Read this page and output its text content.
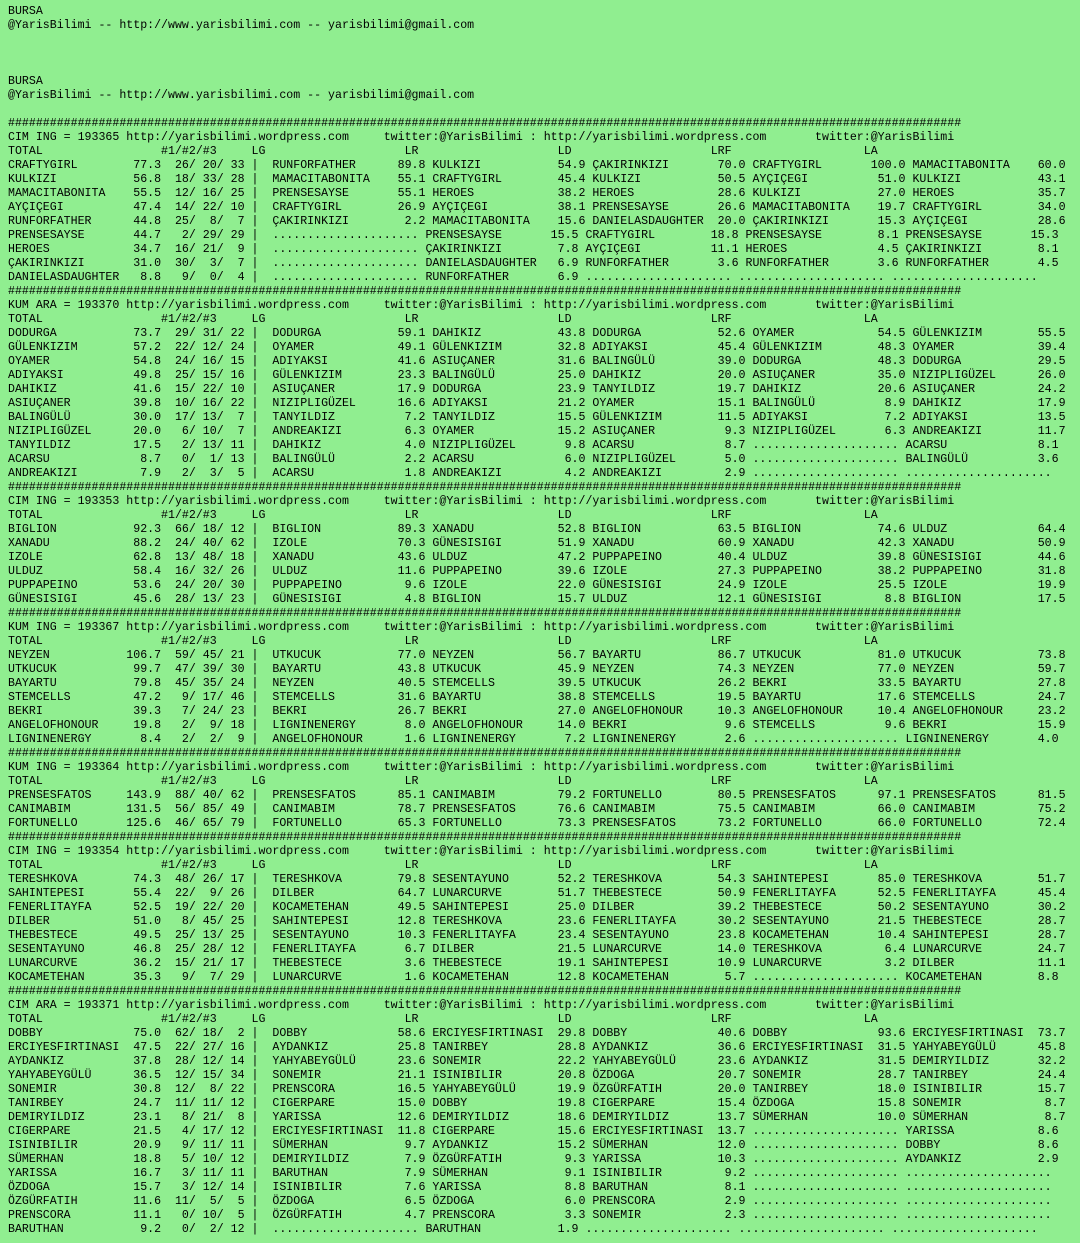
BURSA
@YarisBilimi -- http://www.yarisbilimi.com -- yarisbilimi@gmail.com
BURSA
@YarisBilimi -- http://www.yarisbilimi.com -- yarisbilimi@gmail.com
#########################################################################################################################################
CIM ING = 193365 http://yarisbilimi.wordpress.com     twitter:@YarisBilimi : http://yarisbilimi.wordpress.com       twitter:@YarisBilimi
TOTAL                 #1/#2/#3     LG                    LR                    LD                    LRF                   LA
CRAFTYGIRL        77.3  26/ 20/ 33 |  RUNFORFATHER      89.8 KULKIZI           54.9 ÇAKIRINKIZI       70.0 CRAFTYGIRL       100.0 MAMACITABONITA    60.0
KULKIZI           56.8  18/ 33/ 28 |  MAMACITABONITA    55.1 CRAFTYGIRL        45.4 KULKIZI           50.5 AYÇIÇEGI          51.0 KULKIZI           43.1
MAMACITABONITA    55.5  12/ 16/ 25 |  PRENSESAYSE       55.1 HEROES            38.2 HEROES            28.6 KULKIZI           27.0 HEROES            35.7
AYÇIÇEGI          47.4  14/ 22/ 10 |  CRAFTYGIRL        26.9 AYÇIÇEGI          38.1 PRENSESAYSE       26.6 MAMACITABONITA    19.7 CRAFTYGIRL        34.0
RUNFORFATHER      44.8  25/  8/  7 |  ÇAKIRINKIZI        2.2 MAMACITABONITA    15.6 DANIELASDAUGHTER  20.0 ÇAKIRINKIZI       15.3 AYÇIÇEGI          28.6
PRENSESAYSE       44.7   2/ 29/ 29 |  ..................... PRENSESAYSE       15.5 CRAFTYGIRL        18.8 PRENSESAYSE        8.1 PRENSESAYSE       15.3
HEROES            34.7  16/ 21/  9 |  ..................... ÇAKIRINKIZI        7.8 AYÇIÇEGI          11.1 HEROES             4.5 ÇAKIRINKIZI        8.1
ÇAKIRINKIZI       31.0  30/  3/  7 |  ..................... DANIELASDAUGHTER   6.9 RUNFORFATHER       3.6 RUNFORFATHER       3.6 RUNFORFATHER       4.5
DANIELASDAUGHTER   8.8   9/  0/  4 |  ..................... RUNFORFATHER       6.9 ..................... ..................... .....................
#########################################################################################################################################
KUM ARA = 193370 http://yarisbilimi.wordpress.com     twitter:@YarisBilimi : http://yarisbilimi.wordpress.com       twitter:@YarisBilimi
TOTAL                 #1/#2/#3     LG                    LR                    LD                    LRF                   LA
DODURGA           73.7  29/ 31/ 22 |  DODURGA           59.1 DAHIKIZ           43.8 DODURGA           52.6 OYAMER            54.5 GÜLENKIZIM        55.5
GÜLENKIZIM        57.2  22/ 12/ 24 |  OYAMER            49.1 GÜLENKIZIM        32.8 ADIYAKSI          45.4 GÜLENKIZIM        48.3 OYAMER            39.4
OYAMER            54.8  24/ 16/ 15 |  ADIYAKSI          41.6 ASIUÇANER         31.6 BALINGÜLÜ         39.0 DODURGA           48.3 DODURGA           29.5
ADIYAKSI          49.8  25/ 15/ 16 |  GÜLENKIZIM        23.3 BALINGÜLÜ         25.0 DAHIKIZ           20.0 ASIUÇANER         35.0 NIZIPLIGÜZEL      26.0
DAHIKIZ           41.6  15/ 22/ 10 |  ASIUÇANER         17.9 DODURGA           23.9 TANYILDIZ         19.7 DAHIKIZ           20.6 ASIUÇANER         24.2
ASIUÇANER         39.8  10/ 16/ 22 |  NIZIPLIGÜZEL      16.6 ADIYAKSI          21.2 OYAMER            15.1 BALINGÜLÜ          8.9 DAHIKIZ           17.9
BALINGÜLÜ         30.0  17/ 13/  7 |  TANYILDIZ          7.2 TANYILDIZ         15.5 GÜLENKIZIM        11.5 ADIYAKSI           7.2 ADIYAKSI          13.5
NIZIPLIGÜZEL      20.0   6/ 10/  7 |  ANDREAKIZI         6.3 OYAMER            15.2 ASIUÇANER          9.3 NIZIPLIGÜZEL       6.3 ANDREAKIZI        11.7
TANYILDIZ         17.5   2/ 13/ 11 |  DAHIKIZ            4.0 NIZIPLIGÜZEL       9.8 ACARSU             8.7 ..................... ACARSU             8.1
ACARSU             8.7   0/  1/ 13 |  BALINGÜLÜ          2.2 ACARSU             6.0 NIZIPLIGÜZEL       5.0 ..................... BALINGÜLÜ          3.6
ANDREAKIZI         7.9   2/  3/  5 |  ACARSU             1.8 ANDREAKIZI         4.2 ANDREAKIZI         2.9 ..................... .....................
#########################################################################################################################################
CIM ING = 193353 http://yarisbilimi.wordpress.com     twitter:@YarisBilimi : http://yarisbilimi.wordpress.com       twitter:@YarisBilimi
TOTAL                 #1/#2/#3     LG                    LR                    LD                    LRF                   LA
BIGLION           92.3  66/ 18/ 12 |  BIGLION           89.3 XANADU            52.8 BIGLION           63.5 BIGLION           74.6 ULDUZ             64.4
XANADU            88.2  24/ 40/ 62 |  IZOLE             70.3 GÜNESISIGI        51.9 XANADU            60.9 XANADU            42.3 XANADU            50.9
IZOLE             62.8  13/ 48/ 18 |  XANADU            43.6 ULDUZ             47.2 PUPPAPEINO        40.4 ULDUZ             39.8 GÜNESISIGI        44.6
ULDUZ             58.4  16/ 32/ 26 |  ULDUZ             11.6 PUPPAPEINO        39.6 IZOLE             27.3 PUPPAPEINO        38.2 PUPPAPEINO        31.8
PUPPAPEINO        53.6  24/ 20/ 30 |  PUPPAPEINO         9.6 IZOLE             22.0 GÜNESISIGI        24.9 IZOLE             25.5 IZOLE             19.9
GÜNESISIGI        45.6  28/ 13/ 23 |  GÜNESISIGI         4.8 BIGLION           15.7 ULDUZ             12.1 GÜNESISIGI         8.8 BIGLION           17.5
#########################################################################################################################################
KUM ING = 193367 http://yarisbilimi.wordpress.com     twitter:@YarisBilimi : http://yarisbilimi.wordpress.com       twitter:@YarisBilimi
TOTAL                 #1/#2/#3     LG                    LR                    LD                    LRF                   LA
NEYZEN           106.7  59/ 45/ 21 |  UTKUCUK           77.0 NEYZEN            56.7 BAYARTU           86.7 UTKUCUK           81.0 UTKUCUK           73.8
UTKUCUK           99.7  47/ 39/ 30 |  BAYARTU           43.8 UTKUCUK           45.9 NEYZEN            74.3 NEYZEN            77.0 NEYZEN            59.7
BAYARTU           79.8  45/ 35/ 24 |  NEYZEN            40.5 STEMCELLS         39.5 UTKUCUK           26.2 BEKRI             33.5 BAYARTU           27.8
STEMCELLS         47.2   9/ 17/ 46 |  STEMCELLS         31.6 BAYARTU           38.8 STEMCELLS         19.5 BAYARTU           17.6 STEMCELLS         24.7
BEKRI             39.3   7/ 24/ 23 |  BEKRI             26.7 BEKRI             27.0 ANGELOFHONOUR     10.3 ANGELOFHONOUR     10.4 ANGELOFHONOUR     23.2
ANGELOFHONOUR     19.8   2/  9/ 18 |  LIGNINENERGY       8.0 ANGELOFHONOUR     14.0 BEKRI              9.6 STEMCELLS          9.6 BEKRI             15.9
LIGNINENERGY       8.4   2/  2/  9 |  ANGELOFHONOUR      1.6 LIGNINENERGY       7.2 LIGNINENERGY       2.6 ..................... LIGNINENERGY       4.0
#########################################################################################################################################
KUM ING = 193364 http://yarisbilimi.wordpress.com     twitter:@YarisBilimi : http://yarisbilimi.wordpress.com       twitter:@YarisBilimi
TOTAL                 #1/#2/#3     LG                    LR                    LD                    LRF                   LA
PRENSESFATOS     143.9  88/ 40/ 62 |  PRENSESFATOS      85.1 CANIMABIM         79.2 FORTUNELLO        80.5 PRENSESFATOS      97.1 PRENSESFATOS      81.5
CANIMABIM        131.5  56/ 85/ 49 |  CANIMABIM         78.7 PRENSESFATOS      76.6 CANIMABIM         75.5 CANIMABIM         66.0 CANIMABIM         75.2
FORTUNELLO       125.6  46/ 65/ 79 |  FORTUNELLO        65.3 FORTUNELLO        73.3 PRENSESFATOS      73.2 FORTUNELLO        66.0 FORTUNELLO        72.4
#########################################################################################################################################
CIM ING = 193354 http://yarisbilimi.wordpress.com     twitter:@YarisBilimi : http://yarisbilimi.wordpress.com       twitter:@YarisBilimi
TOTAL                 #1/#2/#3     LG                    LR                    LD                    LRF                   LA
TERESHKOVA        74.3  48/ 26/ 17 |  TERESHKOVA        79.8 SESENTAYUNO       52.2 TERESHKOVA        54.3 SAHINTEPESI       85.0 TERESHKOVA        51.7
SAHINTEPESI       55.4  22/  9/ 26 |  DILBER            64.7 LUNARCURVE        51.7 THEBESTECE        50.9 FENERLITAYFA      52.5 FENERLITAYFA      45.4
FENERLITAYFA      52.5  19/ 22/ 20 |  KOCAMETEHAN       49.5 SAHINTEPESI       25.0 DILBER            39.2 THEBESTECE        50.2 SESENTAYUNO       30.2
DILBER            51.0   8/ 45/ 25 |  SAHINTEPESI       12.8 TERESHKOVA        23.6 FENERLITAYFA      30.2 SESENTAYUNO       21.5 THEBESTECE        28.7
THEBESTECE        49.5  25/ 13/ 25 |  SESENTAYUNO       10.3 FENERLITAYFA      23.4 SESENTAYUNO       23.8 KOCAMETEHAN       10.4 SAHINTEPESI       28.7
SESENTAYUNO       46.8  25/ 28/ 12 |  FENERLITAYFA       6.7 DILBER            21.5 LUNARCURVE        14.0 TERESHKOVA         6.4 LUNARCURVE        24.7
LUNARCURVE        36.2  15/ 21/ 17 |  THEBESTECE         3.6 THEBESTECE        19.1 SAHINTEPESI       10.9 LUNARCURVE         3.2 DILBER            11.1
KOCAMETEHAN       35.3   9/  7/ 29 |  LUNARCURVE         1.6 KOCAMETEHAN       12.8 KOCAMETEHAN        5.7 ..................... KOCAMETEHAN        8.8
#########################################################################################################################################
CIM ARA = 193371 http://yarisbilimi.wordpress.com     twitter:@YarisBilimi : http://yarisbilimi.wordpress.com       twitter:@YarisBilimi
TOTAL                 #1/#2/#3     LG                    LR                    LD                    LRF                   LA
DOBBY             75.0  62/ 18/  2 |  DOBBY             58.6 ERCIYESFIRTINASI  29.8 DOBBY             40.6 DOBBY             93.6 ERCIYESFIRTINASI  73.7
ERCIYESFIRTINASI  47.5  22/ 27/ 16 |  AYDANKIZ          25.8 TANIRBEY          28.8 AYDANKIZ          36.6 ERCIYESFIRTINASI  31.5 YAHYABEYGÜLÜ      45.8
AYDANKIZ          37.8  28/ 12/ 14 |  YAHYABEYGÜLÜ      23.6 SONEMIR           22.2 YAHYABEYGÜLÜ      23.6 AYDANKIZ          31.5 DEMIRYILDIZ       32.2
YAHYABEYGÜLÜ      36.5  12/ 15/ 34 |  SONEMIR           21.1 ISINIBILIR        20.8 ÖZDOGA            20.7 SONEMIR           28.7 TANIRBEY          24.4
SONEMIR           30.8  12/  8/ 22 |  PRENSCORA         16.5 YAHYABEYGÜLÜ      19.9 ÖZGÜRFATIH        20.0 TANIRBEY          18.0 ISINIBILIR        15.7
TANIRBEY          24.7  11/ 11/ 12 |  CIGERPARE         15.0 DOBBY             19.8 CIGERPARE         15.4 ÖZDOGA            15.8 SONEMIR            8.7
DEMIRYILDIZ       23.1   8/ 21/  8 |  YARISSA           12.6 DEMIRYILDIZ       18.6 DEMIRYILDIZ       13.7 SÜMERHAN          10.0 SÜMERHAN           8.7
CIGERPARE         21.5   4/ 17/ 12 |  ERCIYESFIRTINASI  11.8 CIGERPARE         15.6 ERCIYESFIRTINASI  13.7 ..................... YARISSA            8.6
ISINIBILIR        20.9   9/ 11/ 11 |  SÜMERHAN           9.7 AYDANKIZ          15.2 SÜMERHAN          12.0 ..................... DOBBY              8.6
SÜMERHAN          18.8   5/ 10/ 12 |  DEMIRYILDIZ        7.9 ÖZGÜRFATIH         9.3 YARISSA           10.3 ..................... AYDANKIZ           2.9
YARISSA           16.7   3/ 11/ 11 |  BARUTHAN           7.9 SÜMERHAN           9.1 ISINIBILIR         9.2 ..................... .....................
ÖZDOGA            15.7   3/ 12/ 14 |  ISINIBILIR         7.6 YARISSA            8.8 BARUTHAN           8.1 ..................... .....................
ÖZGÜRFATIH        11.6  11/  5/  5 |  ÖZDOGA             6.5 ÖZDOGA             6.0 PRENSCORA          2.9 ..................... .....................
PRENSCORA         11.1   0/ 10/  5 |  ÖZGÜRFATIH         4.7 PRENSCORA          3.3 SONEMIR            2.3 ..................... .....................
BARUTHAN           9.2   0/  2/ 12 |  ..................... BARUTHAN           1.9 ..................... ..................... .....................
